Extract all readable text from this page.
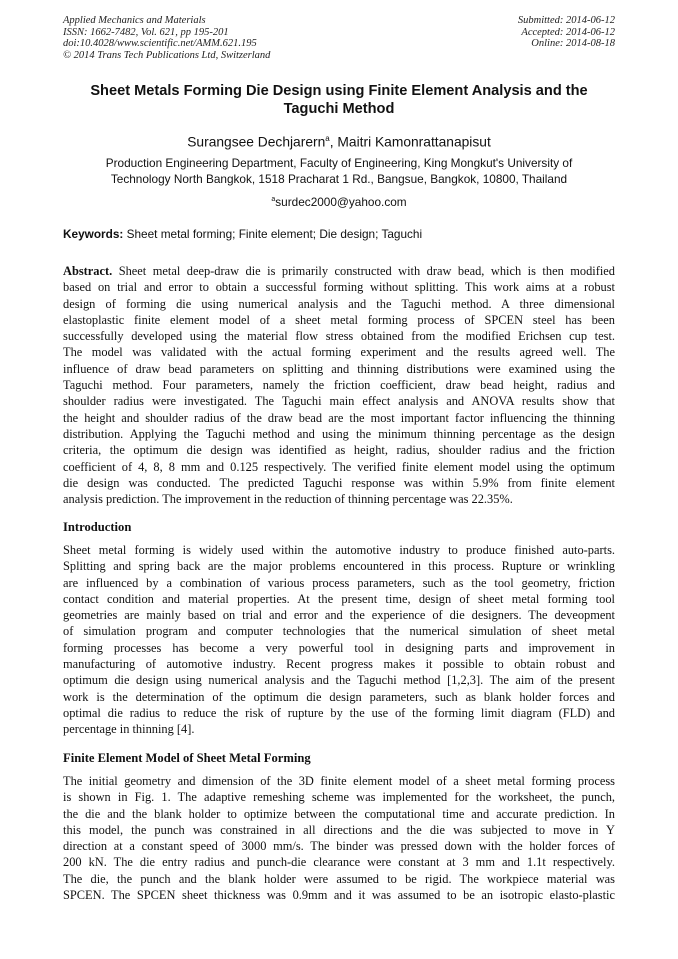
Applied Mechanics and Materials
ISSN: 1662-7482, Vol. 621, pp 195-201
doi:10.4028/www.scientific.net/AMM.621.195
© 2014 Trans Tech Publications Ltd, Switzerland
Submitted: 2014-06-12
Accepted: 2014-06-12
Online: 2014-08-18
Sheet Metals Forming Die Design using Finite Element Analysis and the
Taguchi Method
Surangsee Dechjarern$^a$, Maitri Kamonrattanapisut
Production Engineering Department, Faculty of Engineering, King Mongkut's University of
Technology North Bangkok, 1518 Pracharat 1 Rd., Bangsue, Bangkok, 10800, Thailand
$^a$surdec2000@yahoo.com
Keywords: Sheet metal forming; Finite element; Die design; Taguchi
Abstract. Sheet metal deep-draw die is primarily constructed with draw bead, which is then modified
based on trial and error to obtain a successful forming without splitting. This work aims at a robust
design of forming die using numerical analysis and the Taguchi method. A three dimensional
elastoplastic finite element model of a sheet metal forming process of SPCEN steel has been
successfully developed using the material flow stress obtained from the modified Erichsen cup test.
The model was validated with the actual forming experiment and the results agreed well. The
influence of draw bead parameters on splitting and thinning distributions were examined using the
Taguchi method. Four parameters, namely the friction coefficient, draw bead height, radius and
shoulder radius were investigated. The Taguchi main effect analysis and ANOVA results show that
the height and shoulder radius of the draw bead are the most important factor influencing the thinning
distribution. Applying the Taguchi method and using the minimum thinning percentage as the design
criteria, the optimum die design was identified as height, radius, shoulder radius and the friction
coefficient of 4, 8, 8 mm and 0.125 respectively. The verified finite element model using the optimum
die design was conducted. The predicted Taguchi response was within 5.9% from finite element
analysis prediction. The improvement in the reduction of thinning percentage was 22.35%.
Introduction
Sheet metal forming is widely used within the automotive industry to produce finished auto-parts.
Splitting and spring back are the major problems encountered in this process. Rupture or wrinkling
are influenced by a combination of various process parameters, such as the tool geometry, friction
contact condition and material properties. At the present time, design of sheet metal forming tool
geometries are mainly based on trial and error and the experience of die designers. The deveopment
of simulation program and computer technologies that the numerical simulation of sheet metal
forming processes has become a very powerful tool in designing parts and improvement in
manufacturing of automotive industry. Recent progress makes it possible to obtain robust and
optimum die design using numerical analysis and the Taguchi method [1,2,3]. The aim of the present
work is the determination of the optimum die design parameters, such as blank holder forces and
optimal die radius to reduce the risk of rupture by the use of the forming limit diagram (FLD) and
percentage in thinning [4].
Finite Element Model of Sheet Metal Forming
The initial geometry and dimension of the 3D finite element model of a sheet metal forming process
is shown in Fig. 1. The adaptive remeshing scheme was implemented for the worksheet, the punch,
the die and the blank holder to optimize between the computational time and accurate prediction. In
this model, the punch was constrained in all directions and the die was subjected to move in Y
direction at a constant speed of 3000 mm/s. The binder was pressed down with the holder forces of
200 kN. The die entry radius and punch-die clearance were constant at 3 mm and 1.1t respectively.
The die, the punch and the blank holder were assumed to be rigid. The workpiece material was
SPCEN. The SPCEN sheet thickness was 0.9mm and it was assumed to be an isotropic elasto-plastic
